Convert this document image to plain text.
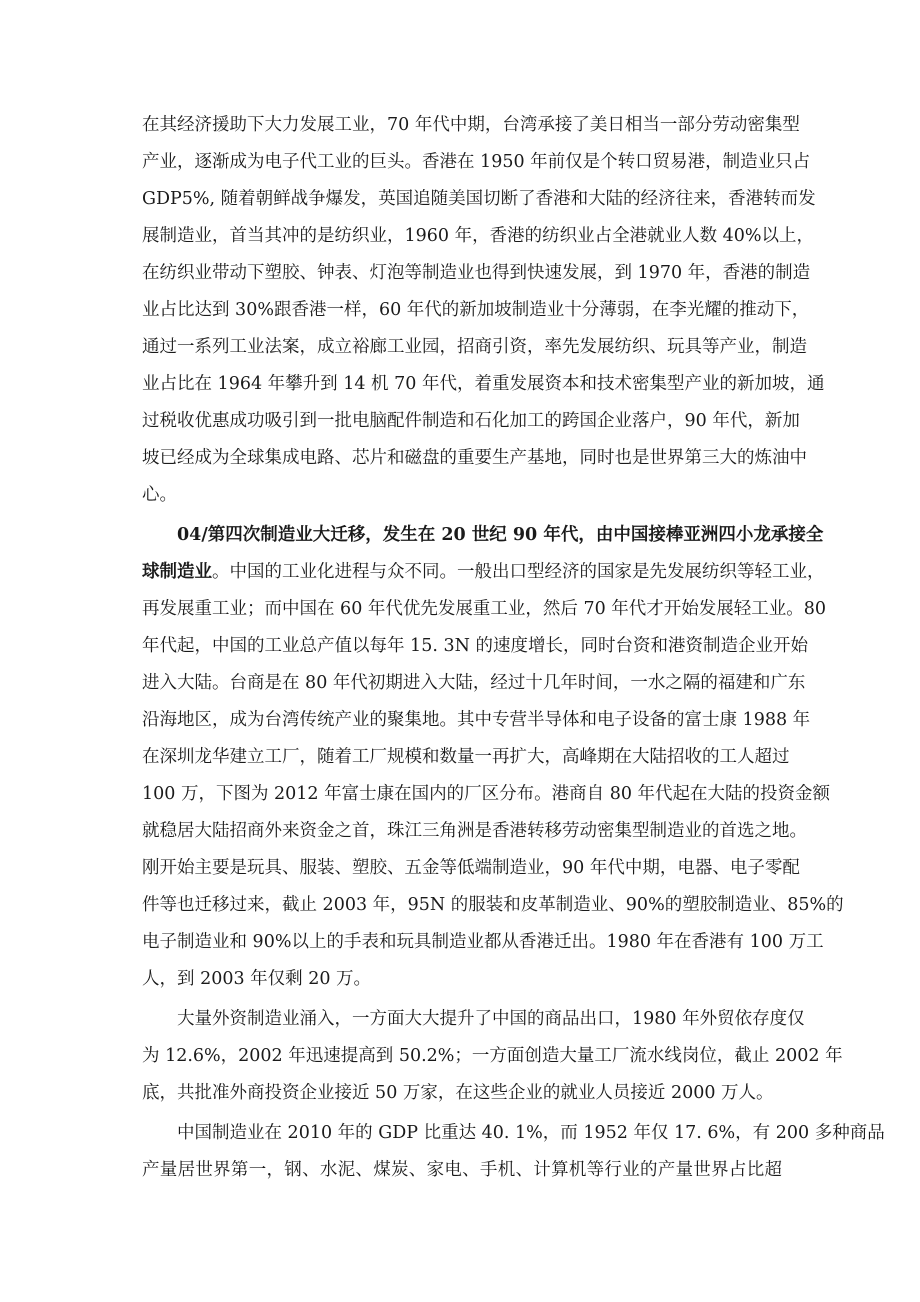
在其经济援助下大力发展工业，70 年代中期，台湾承接了美日相当一部分劳动密集型
产业，逐渐成为电子代工业的巨头。香港在 1950 年前仅是个转口贸易港，制造业只占
GDP5%, 随着朝鲜战争爆发，英国追随美国切断了香港和大陆的经济往来，香港转而发
展制造业，首当其冲的是纺织业，1960 年，香港的纺织业占全港就业人数 40%以上，
在纺织业带动下塑胶、钟表、灯泡等制造业也得到快速发展，到 1970 年，香港的制造
业占比达到 30%跟香港一样，60 年代的新加坡制造业十分薄弱，在李光耀的推动下，
通过一系列工业法案，成立裕廊工业园，招商引资，率先发展纺织、玩具等产业，制造
业占比在 1964 年攀升到 14 机 70 年代，着重发展资本和技术密集型产业的新加坡，通
过税收优惠成功吸引到一批电脑配件制造和石化加工的跨国企业落户，90 年代，新加
坡已经成为全球集成电路、芯片和磁盘的重要生产基地，同时也是世界第三大的炼油中
心。
04/第四次制造业大迁移，发生在 20 世纪 90 年代，由中国接棒亚洲四小龙承接全
球制造业。中国的工业化进程与众不同。一般出口型经济的国家是先发展纺织等轻工业，
再发展重工业；而中国在 60 年代优先发展重工业，然后 70 年代才开始发展轻工业。80
年代起，中国的工业总产值以每年 15. 3N 的速度增长，同时台资和港资制造企业开始
进入大陆。台商是在 80 年代初期进入大陆，经过十几年时间，一水之隔的福建和广东
沿海地区，成为台湾传统产业的聚集地。其中专营半导体和电子设备的富士康 1988 年
在深圳龙华建立工厂，随着工厂规模和数量一再扩大，高峰期在大陆招收的工人超过
100 万，下图为 2012 年富士康在国内的厂区分布。港商自 80 年代起在大陆的投资金额
就稳居大陆招商外来资金之首，珠江三角洲是香港转移劳动密集型制造业的首选之地。
刚开始主要是玩具、服装、塑胶、五金等低端制造业，90 年代中期，电器、电子零配
件等也迁移过来，截止 2003 年，95N 的服装和皮革制造业、90%的塑胶制造业、85%的
电子制造业和 90%以上的手表和玩具制造业都从香港迁出。1980 年在香港有 100 万工
人，到 2003 年仅剩 20 万。
大量外资制造业涌入，一方面大大提升了中国的商品出口，1980 年外贸依存度仅
为 12.6%，2002 年迅速提高到 50.2%；一方面创造大量工厂流水线岗位，截止 2002 年
底，共批准外商投资企业接近 50 万家，在这些企业的就业人员接近 2000 万人。
中国制造业在 2010 年的 GDP 比重达 40. 1%，而 1952 年仅 17. 6%，有 200 多种商品
产量居世界第一，钢、水泥、煤炭、家电、手机、计算机等行业的产量世界占比超
